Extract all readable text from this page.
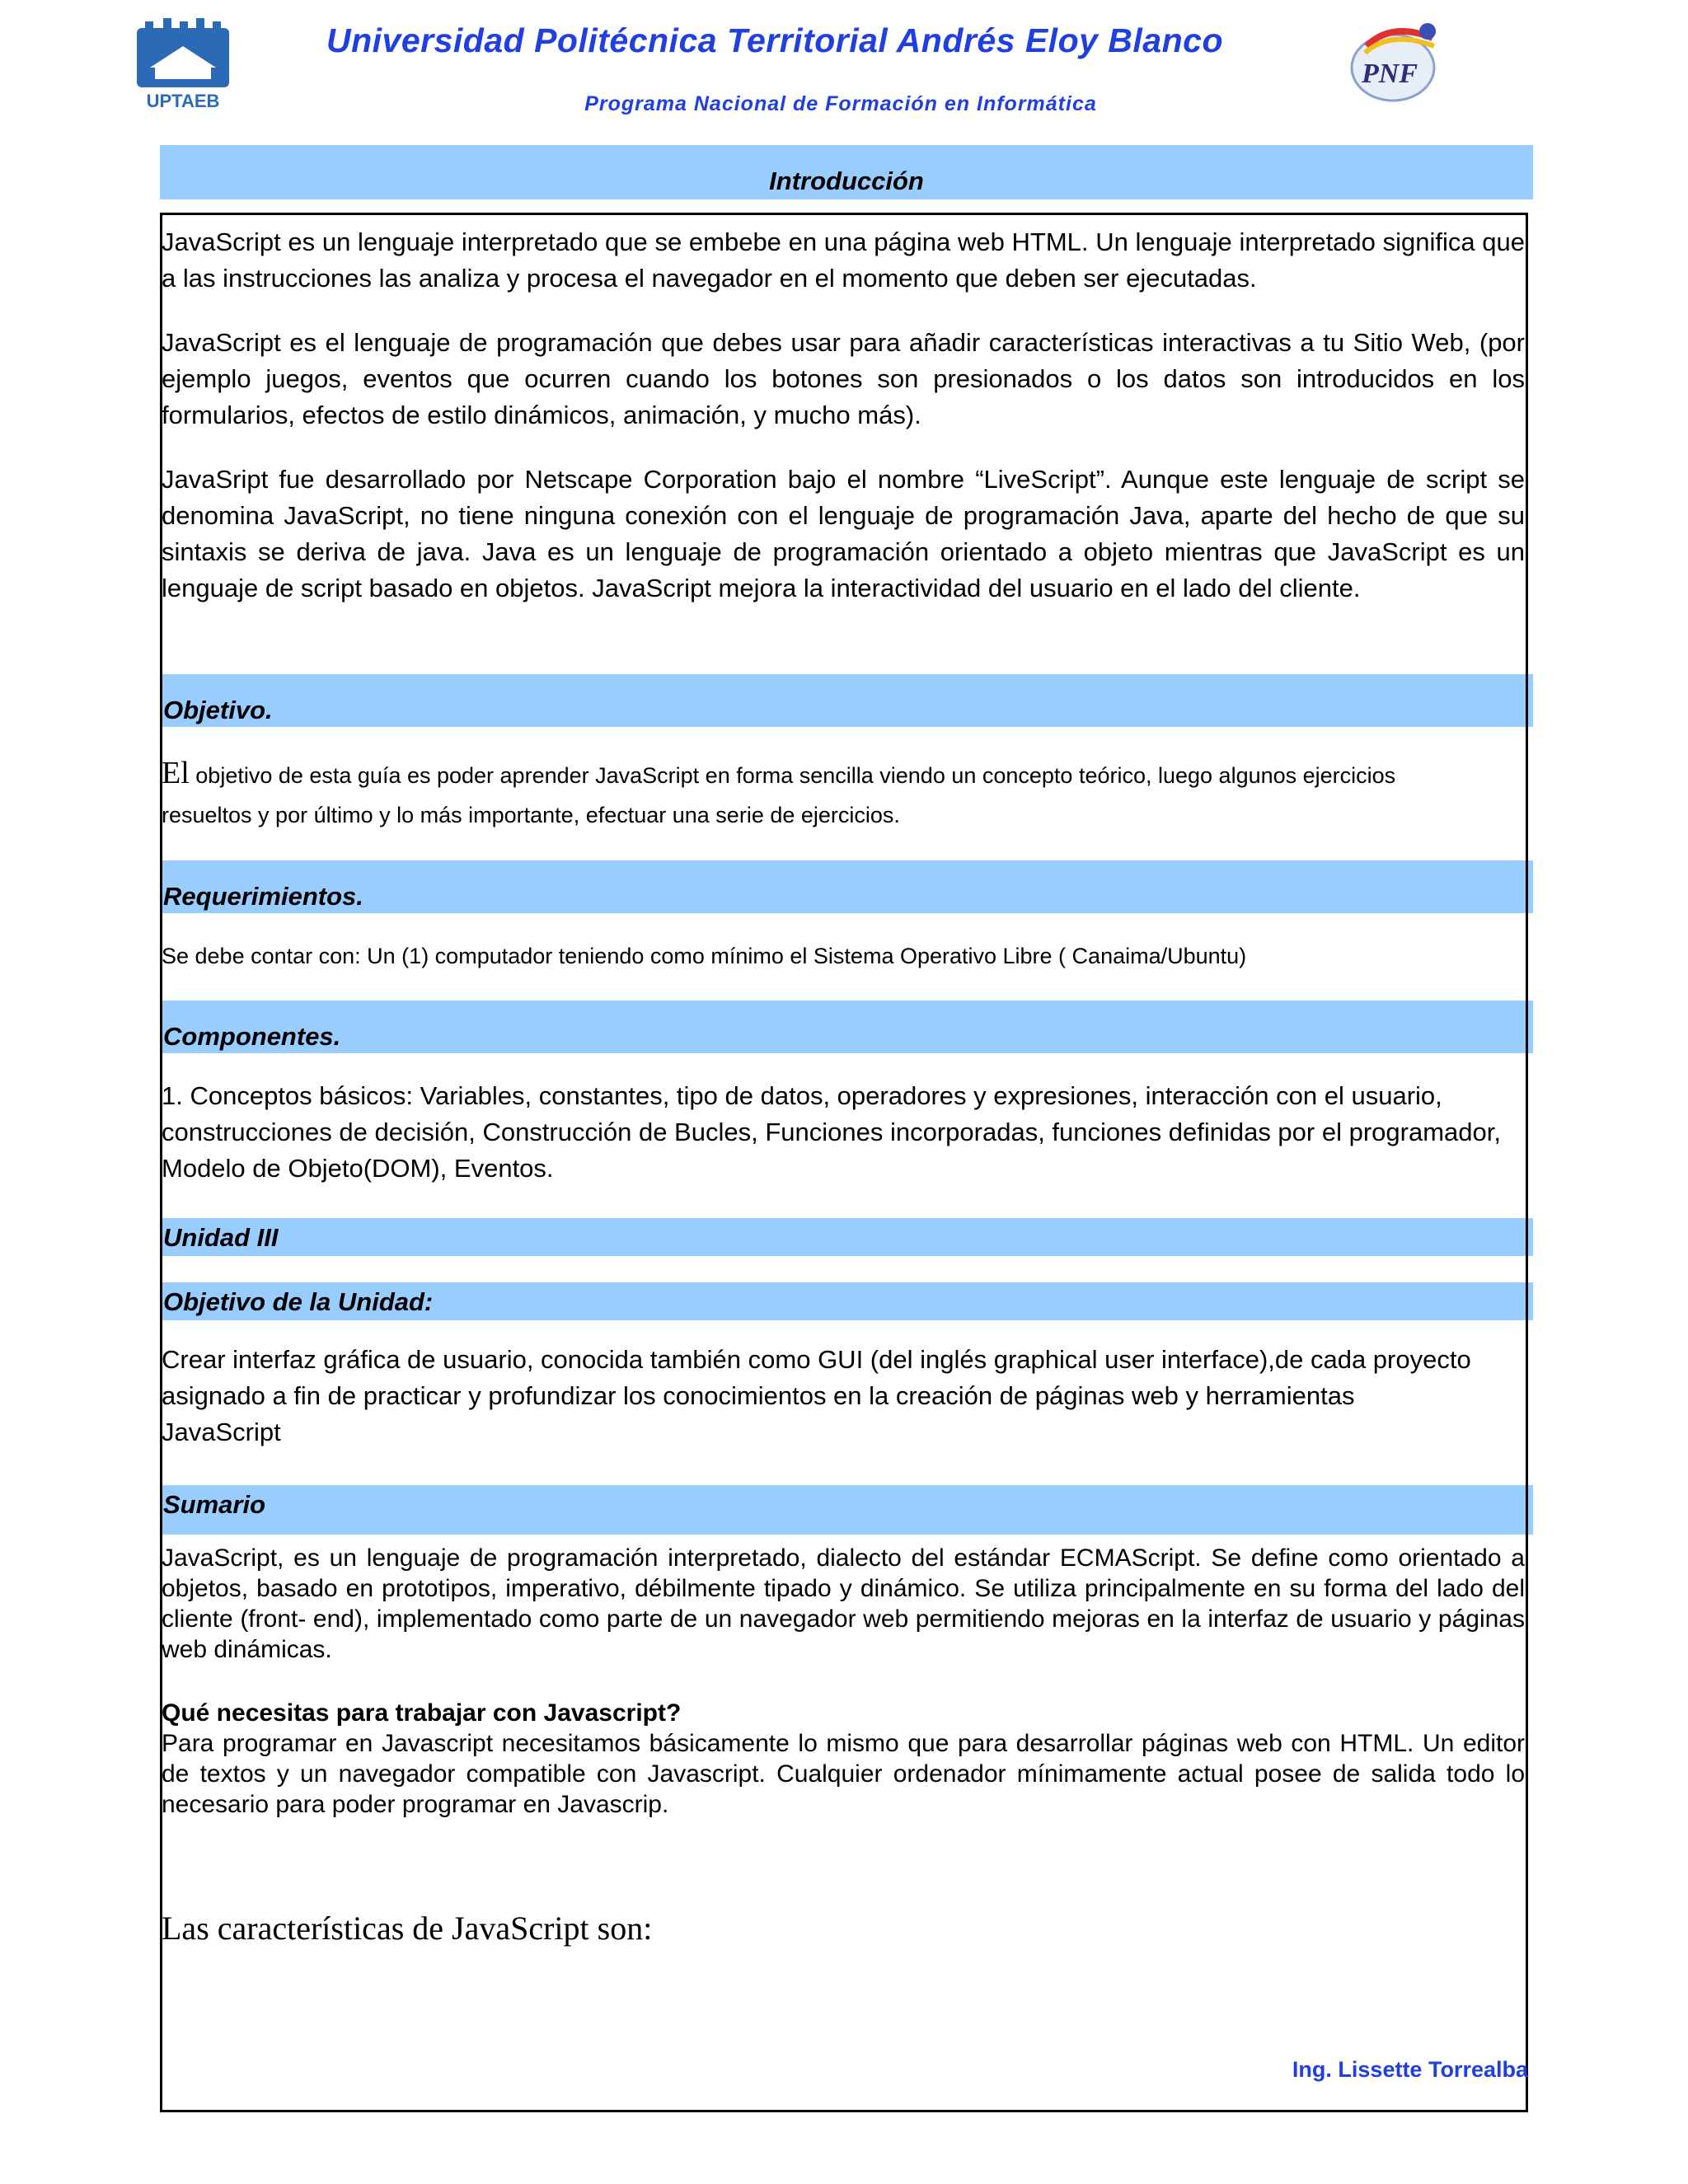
UPTAEB
Universidad Politécnica Territorial Andrés Eloy Blanco
Programa Nacional de Formación en Informática
PNF
Introducción
Objetivo.
Requerimientos.
Componentes.
Unidad III
Objetivo de la Unidad:
Sumario
JavaScript es un lenguaje interpretado que se embebe en una página web HTML. Un lenguaje interpretado significa que a las instrucciones las analiza y procesa el navegador en el momento que deben ser ejecutadas.
JavaScript es el lenguaje de programación que debes usar para añadir características interactivas a tu Sitio Web, (por ejemplo juegos, eventos que ocurren cuando los botones son presionados o los datos son introducidos en los formularios, efectos de estilo dinámicos, animación, y mucho más).
JavaSript fue desarrollado por Netscape Corporation bajo el nombre “LiveScript”. Aunque este lenguaje de script se denomina JavaScript, no tiene ninguna conexión con el lenguaje de programación Java, aparte del hecho de que su sintaxis se deriva de java. Java es un lenguaje de programación orientado a objeto mientras que JavaScript es un lenguaje de script basado en objetos. JavaScript mejora la interactividad del usuario en el lado del cliente.
El objetivo de esta guía es poder aprender JavaScript en forma sencilla viendo un concepto teórico, luego algunos ejercicios resueltos y por último y lo más importante, efectuar una serie de ejercicios.
Se debe contar con: Un (1) computador teniendo como mínimo el Sistema Operativo Libre ( Canaima/Ubuntu)
1. Conceptos básicos: Variables, constantes, tipo de datos, operadores y expresiones, interacción con el usuario, construcciones de decisión, Construcción de Bucles, Funciones incorporadas, funciones definidas por el programador, Modelo de Objeto(DOM), Eventos.
Crear interfaz gráfica de usuario, conocida también como GUI (del inglés graphical user interface),de cada proyecto asignado a fin de practicar y profundizar los conocimientos en la creación de páginas web y herramientas JavaScript
JavaScript, es un lenguaje de programación interpretado, dialecto del estándar ECMAScript. Se define como orientado a objetos, basado en prototipos, imperativo, débilmente tipado y dinámico. Se utiliza principalmente en su forma del lado del cliente (front- end), implementado como parte de un navegador web permitiendo mejoras en la interfaz de usuario y páginas web dinámicas.
Qué necesitas para trabajar con Javascript?
Para programar en Javascript necesitamos básicamente lo mismo que para desarrollar páginas web con HTML. Un editor de textos y un navegador compatible con Javascript. Cualquier ordenador mínimamente actual posee de salida todo lo necesario para poder programar en Javascrip.
Las características de JavaScript son:
Ing. Lissette Torrealba
